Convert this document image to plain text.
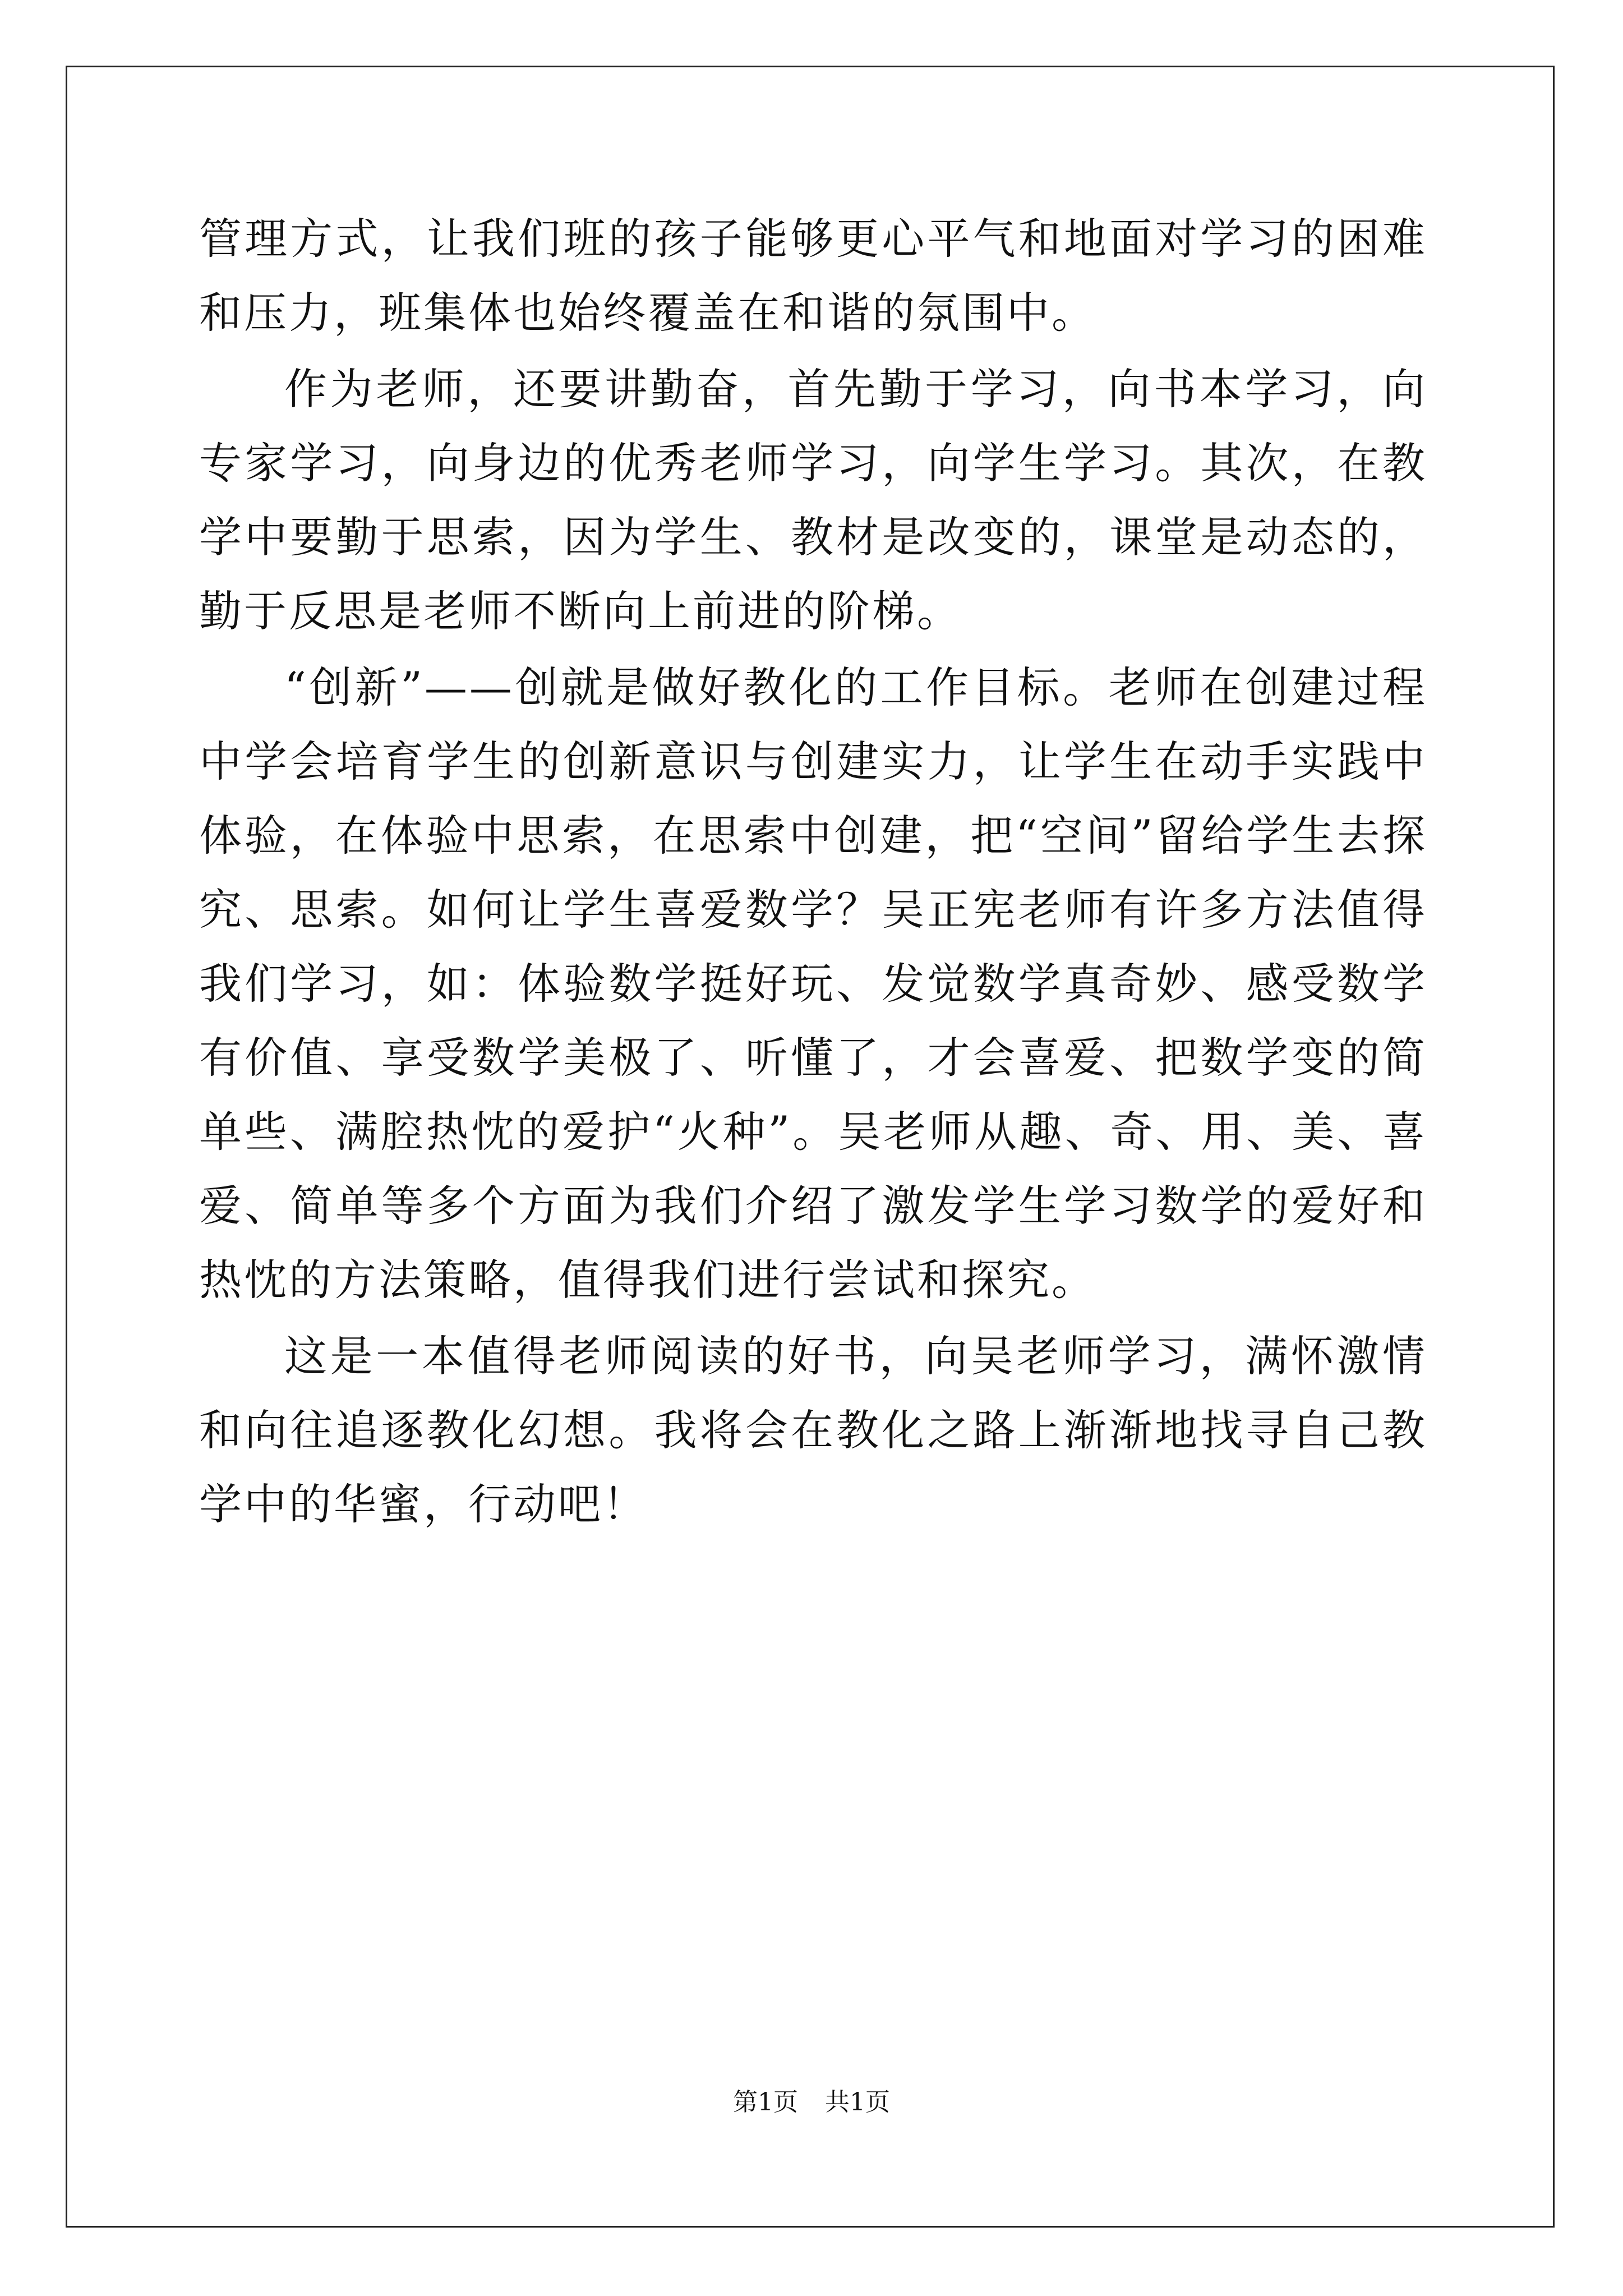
管理方式，让我们班的孩子能够更心平气和地面对学习的困难和压力，班集体也始终覆盖在和谐的氛围中。

作为老师，还要讲勤奋，首先勤于学习，向书本学习，向专家学习，向身边的优秀老师学习，向学生学习。其次，在教学中要勤于思索，因为学生、教材是改变的，课堂是动态的，勤于反思是老师不断向上前进的阶梯。

“创新”——创就是做好教化的工作目标。老师在创建过程中学会培育学生的创新意识与创建实力，让学生在动手实践中体验，在体验中思索，在思索中创建，把“空间”留给学生去探究、思索。如何让学生喜爱数学？吴正宪老师有许多方法值得我们学习，如：体验数学挺好玩、发觉数学真奇妙、感受数学有价值、享受数学美极了、听懂了，才会喜爱、把数学变的简单些、满腔热忱的爱护“火种”。吴老师从趣、奇、用、美、喜爱、简单等多个方面为我们介绍了激发学生学习数学的爱好和热忱的方法策略，值得我们进行尝试和探究。

这是一本值得老师阅读的好书，向吴老师学习，满怀激情和向往追逐教化幻想。我将会在教化之路上渐渐地找寻自己教学中的华蜜，行动吧！

第1页 共1页
